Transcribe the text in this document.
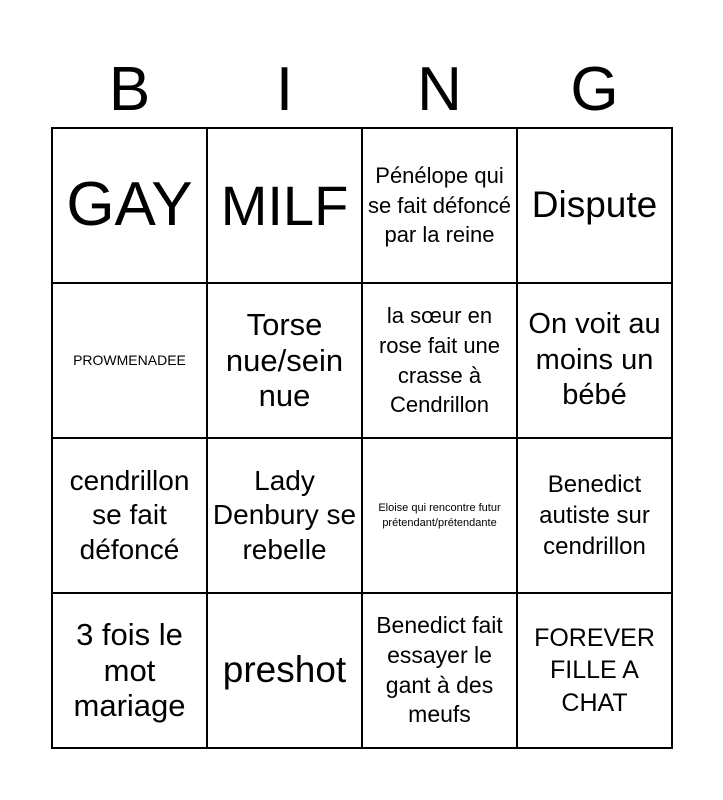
B	I	N	G
GAY	MILF	Pénélope qui se fait défoncé par la reine	Dispute

PROWMENADEE	Torse nue/sein nue	la sœur en rose fait une crasse à Cendrillon	On voit au moins un bébé

cendrillon se fait défoncé	Lady Denbury se rebelle	Eloise qui rencontre futur prétendant/prétendante	Benedict autiste sur cendrillon

3 fois le mot mariage	preshot	Benedict fait essayer le gant à des meufs	FOREVER FILLE A CHAT
